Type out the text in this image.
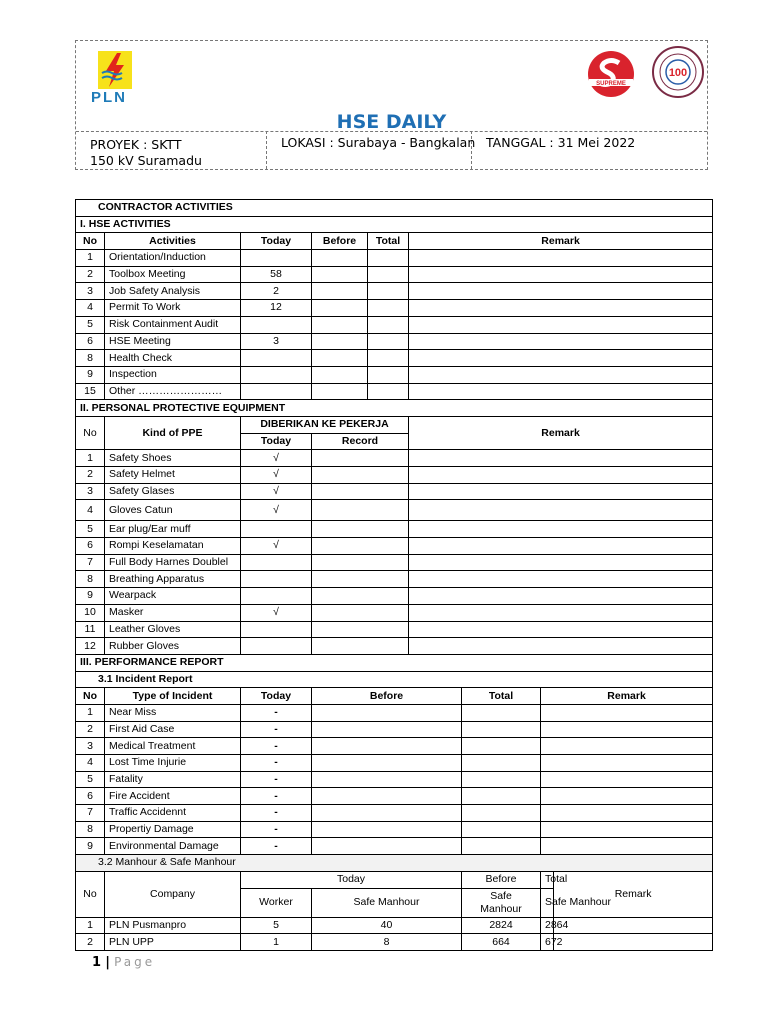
PLN
SUPREME
100
HSE DAILY
PROYEK : SKTT
150 kV Suramadu
LOKASI : Surabaya - Bangkalan TANGGAL : 31 Mei 2022
CONTRACTOR ACTIVITIES								
I. HSE ACTIVITIES								
No	Activities	Today	Before	Total	Remark			
1	Orientation/Induction							
2	Toolbox Meeting	58						
3	Job Safety Analysis	2						
4	Permit To Work	12						
5	Risk Containment Audit							
6	HSE Meeting	3						
8	Health Check							
9	Inspection							
15	Other ……………………							
II. PERSONAL PROTECTIVE EQUIPMENT								
No	Kind of PPE	DIBERIKAN KE PEKERJA			Remark			
		Today	Record					
1	Safety Shoes	√						
2	Safety Helmet	√						
3	Safety Glases	√						
4	Gloves Catun	√						
5	Ear plug/Ear muff							
6	Rompi Keselamatan	√						
7	Full Body Harnes Doublel							
8	Breathing Apparatus							
9	Wearpack							
10	Masker	√						
11	Leather Gloves							
12	Rubber Gloves							
III. PERFORMANCE REPORT								
3.1 Incident Report								
No	Type of Incident	Today	Before			Total	Remark	
1	Near Miss	-						
2	First Aid Case	-						
3	Medical Treatment	-						
4	Lost Time Injurie	-						
5	Fatality	-						
6	Fire Accident	-						
7	Traffic Accidennt	-						
8	Propertiy Damage	-						
9	Environmental Damage	-						
3.2 Manhour & Safe Manhour								
No	Company	Today				Before	Total	Remark
		Worker	Safe Manhour			Safe Manhour	Safe Manhour	
1	PLN Pusmanpro	5	40			2824	2864	
2	PLN UPP	1	8			664	672	
1 | Page
